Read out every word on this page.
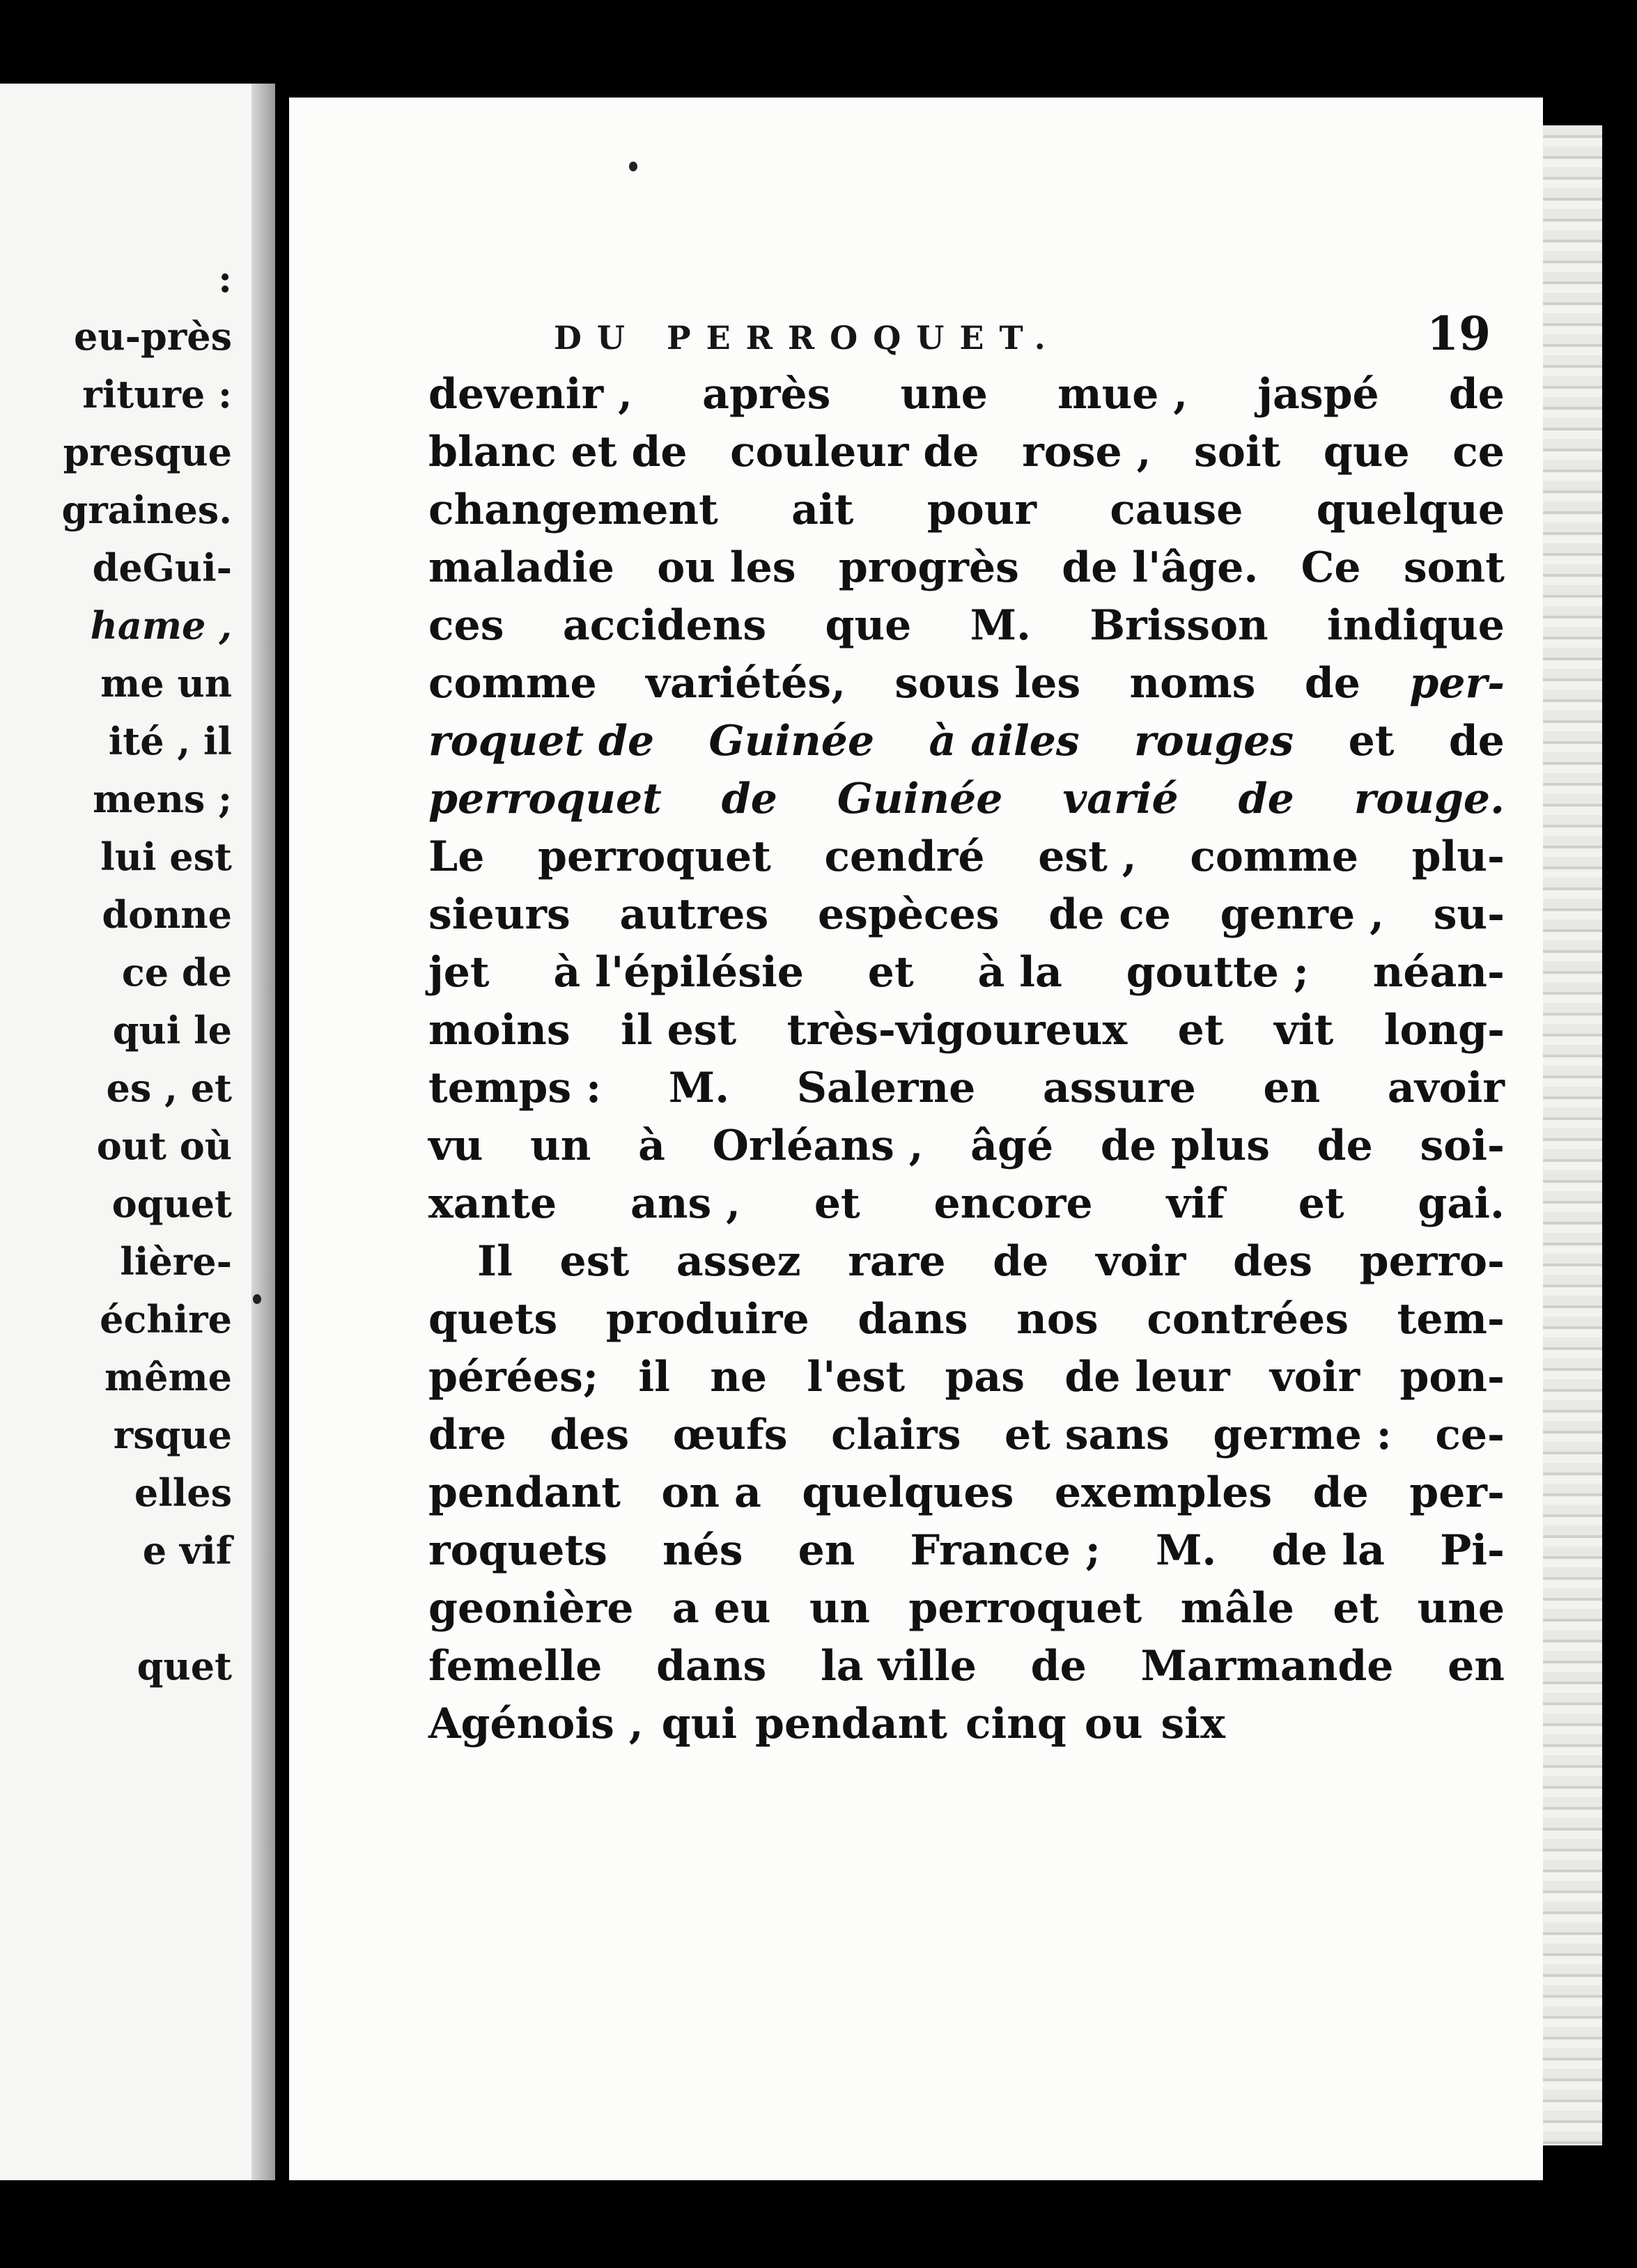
:
eu-près
riture :
presque
graines.
deGui-
hame ,
me un
ité , il
mens ;
lui est
donne
ce de
qui le
es , et
out où
oquet
lière-
échire
même
rsque
elles
e vif
quet
DU PERROQUET.	19
devenir , après une mue , jaspé de
blanc et de couleur de rose , soit que ce
changement ait pour cause quelque
maladie ou les progrès de l'âge. Ce sont
ces accidens que M. Brisson indique
comme variétés, sous les noms de per-
roquet de Guinée à ailes rouges et de
perroquet de Guinée varié de rouge.
Le perroquet cendré est , comme plu-
sieurs autres espèces de ce genre , su-
jet à l'épilésie et à la goutte ; néan-
moins il est très-vigoureux et vit long-
temps : M. Salerne assure en avoir
vu un à Orléans , âgé de plus de soi-
xante ans , et encore vif et gai.
Il est assez rare de voir des perro-
quets produire dans nos contrées tem-
pérées; il ne l'est pas de leur voir pon-
dre des œufs clairs et sans germe : ce-
pendant on a quelques exemples de per-
roquets nés en France ; M. de la Pi-
geonière a eu un perroquet mâle et une
femelle dans la ville de Marmande en
Agénois , qui pendant cinq ou six
